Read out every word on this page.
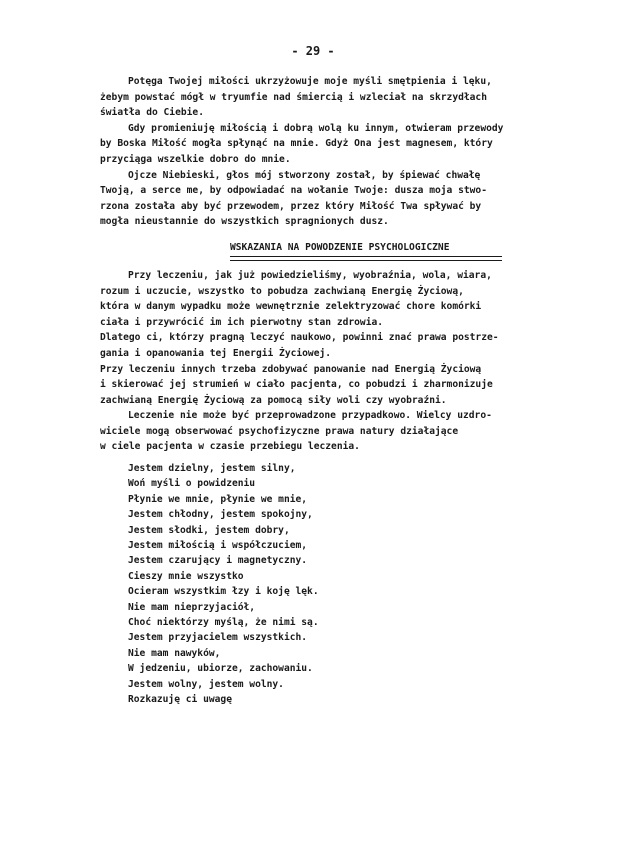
- 29 -
Potęga Twojej miłości ukrzyżowuje moje myśli smętpienia i lęku,
żebym powstać mógł w tryumfie nad śmiercią i wzleciał na skrzydłach
światła do Ciebie.
Gdy promieniuję miłością i dobrą wolą ku innym, otwieram przewody
by Boska Miłość mogła spłynąć na mnie. Gdyż Ona jest magnesem, który
przyciąga wszelkie dobro do mnie.
Ojcze Niebieski, głos mój stworzony został, by śpiewać chwałę
Twoją, a serce me, by odpowiadać na wołanie Twoje: dusza moja stwo-
rzona została aby być przewodem, przez który Miłość Twa spływać by
mogła nieustannie do wszystkich spragnionych dusz.
WSKAZANIA NA POWODZENIE PSYCHOLOGICZNE
Przy leczeniu, jak już powiedzieliśmy, wyobraźnia, wola, wiara,
rozum i uczucie, wszystko to pobudza zachwianą Energię Życiową,
która w danym wypadku może wewnętrznie zelektryzować chore komórki
ciała i przywrócić im ich pierwotny stan zdrowia.
Dlatego ci, którzy pragną leczyć naukowo, powinni znać prawa postrze-
gania i opanowania tej Energii Życiowej.
Przy leczeniu innych trzeba zdobywać panowanie nad Energią Życiową
i skierować jej strumień w ciało pacjenta, co pobudzi i zharmonizuje
zachwianą Energię Życiową za pomocą siły woli czy wyobraźni.
Leczenie nie może być przeprowadzone przypadkowo. Wielcy uzdro-
wiciele mogą obserwować psychofizyczne prawa natury działające
w ciele pacjenta w czasie przebiegu leczenia.
Jestem dzielny, jestem silny,
Woń myśli o powidzeniu
Płynie we mnie, płynie we mnie,
Jestem chłodny, jestem spokojny,
Jestem słodki, jestem dobry,
Jestem miłością i współczuciem,
Jestem czarujący i magnetyczny.
Cieszy mnie wszystko
Ocieram wszystkim łzy i koję lęk.
Nie mam nieprzyjaciół,
Choć niektórzy myślą, że nimi są.
Jestem przyjacielem wszystkich.
Nie mam nawyków,
W jedzeniu, ubiorze, zachowaniu.
Jestem wolny, jestem wolny.
Rozkazuję ci uwagę
